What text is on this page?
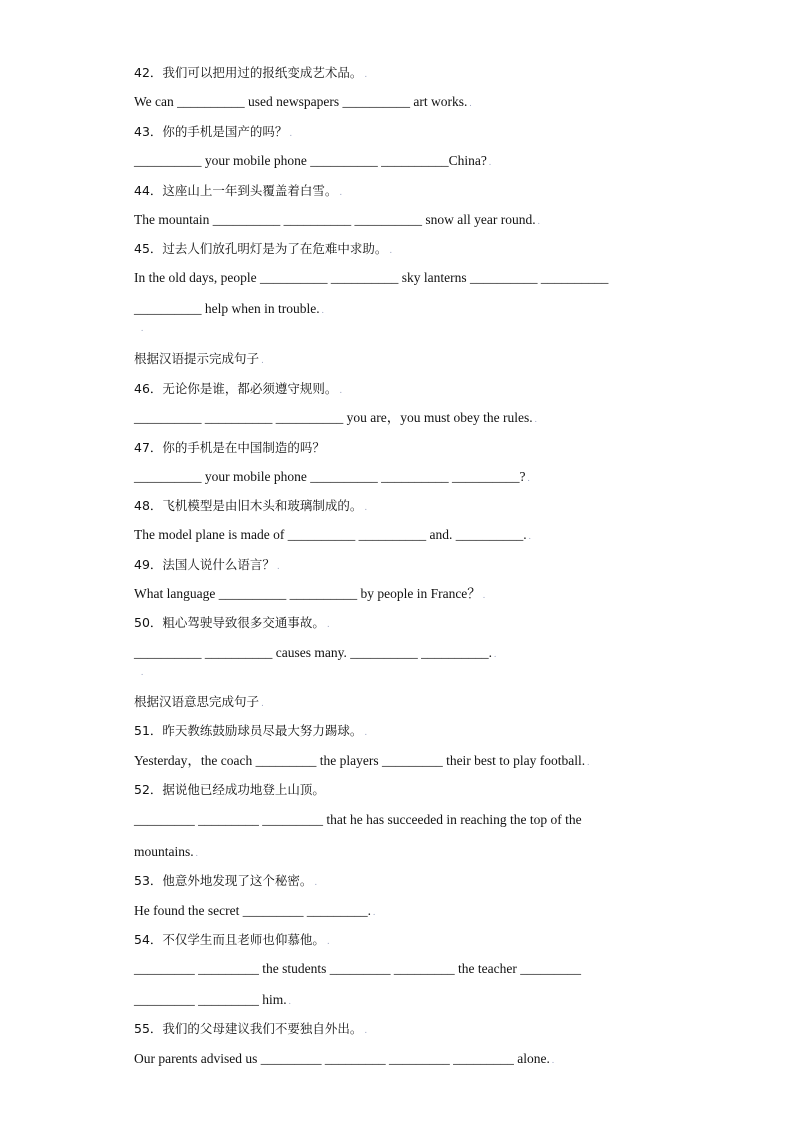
42．我们可以把用过的报纸变成艺术品。 .
We can __________ used newspapers __________ art works. .
43．你的手机是国产的吗？ .
__________ your mobile phone __________ __________China? .
44．这座山上一年到头覆盖着白雪。 .
The mountain __________ __________ __________ snow all year round. .
45．过去人们放孔明灯是为了在危难中求助。 .
In the old days, people __________ __________ sky lanterns __________ __________
__________ help when in trouble. .
.
根据汉语提示完成句子 .
46．无论你是谁，都必须遵守规则。 .
__________ __________ __________ you are，you must obey the rules. .
47．你的手机是在中国制造的吗？
__________ your mobile phone __________ __________ __________? .
48．飞机模型是由旧木头和玻璃制成的。 .
The model plane is made of __________ __________ and. __________. .
49．法国人说什么语言？ .
What language __________ __________ by people in France？ .
50．粗心驾驶导致很多交通事故。 .
__________ __________ causes many. __________ __________. .
.
根据汉语意思完成句子 .
51．昨天教练鼓励球员尽最大努力踢球。 .
Yesterday，the coach _________ the players _________ their best to play football. .
52．据说他已经成功地登上山顶。
_________ _________ _________ that he has succeeded in reaching the top of the
mountains. .
53．他意外地发现了这个秘密。 .
He found the secret _________ _________. .
54．不仅学生而且老师也仰慕他。 .
_________ _________ the students _________ _________ the teacher _________
_________ _________ him. .
55．我们的父母建议我们不要独自外出。 .
Our parents advised us _________ _________ _________ _________ alone. .
